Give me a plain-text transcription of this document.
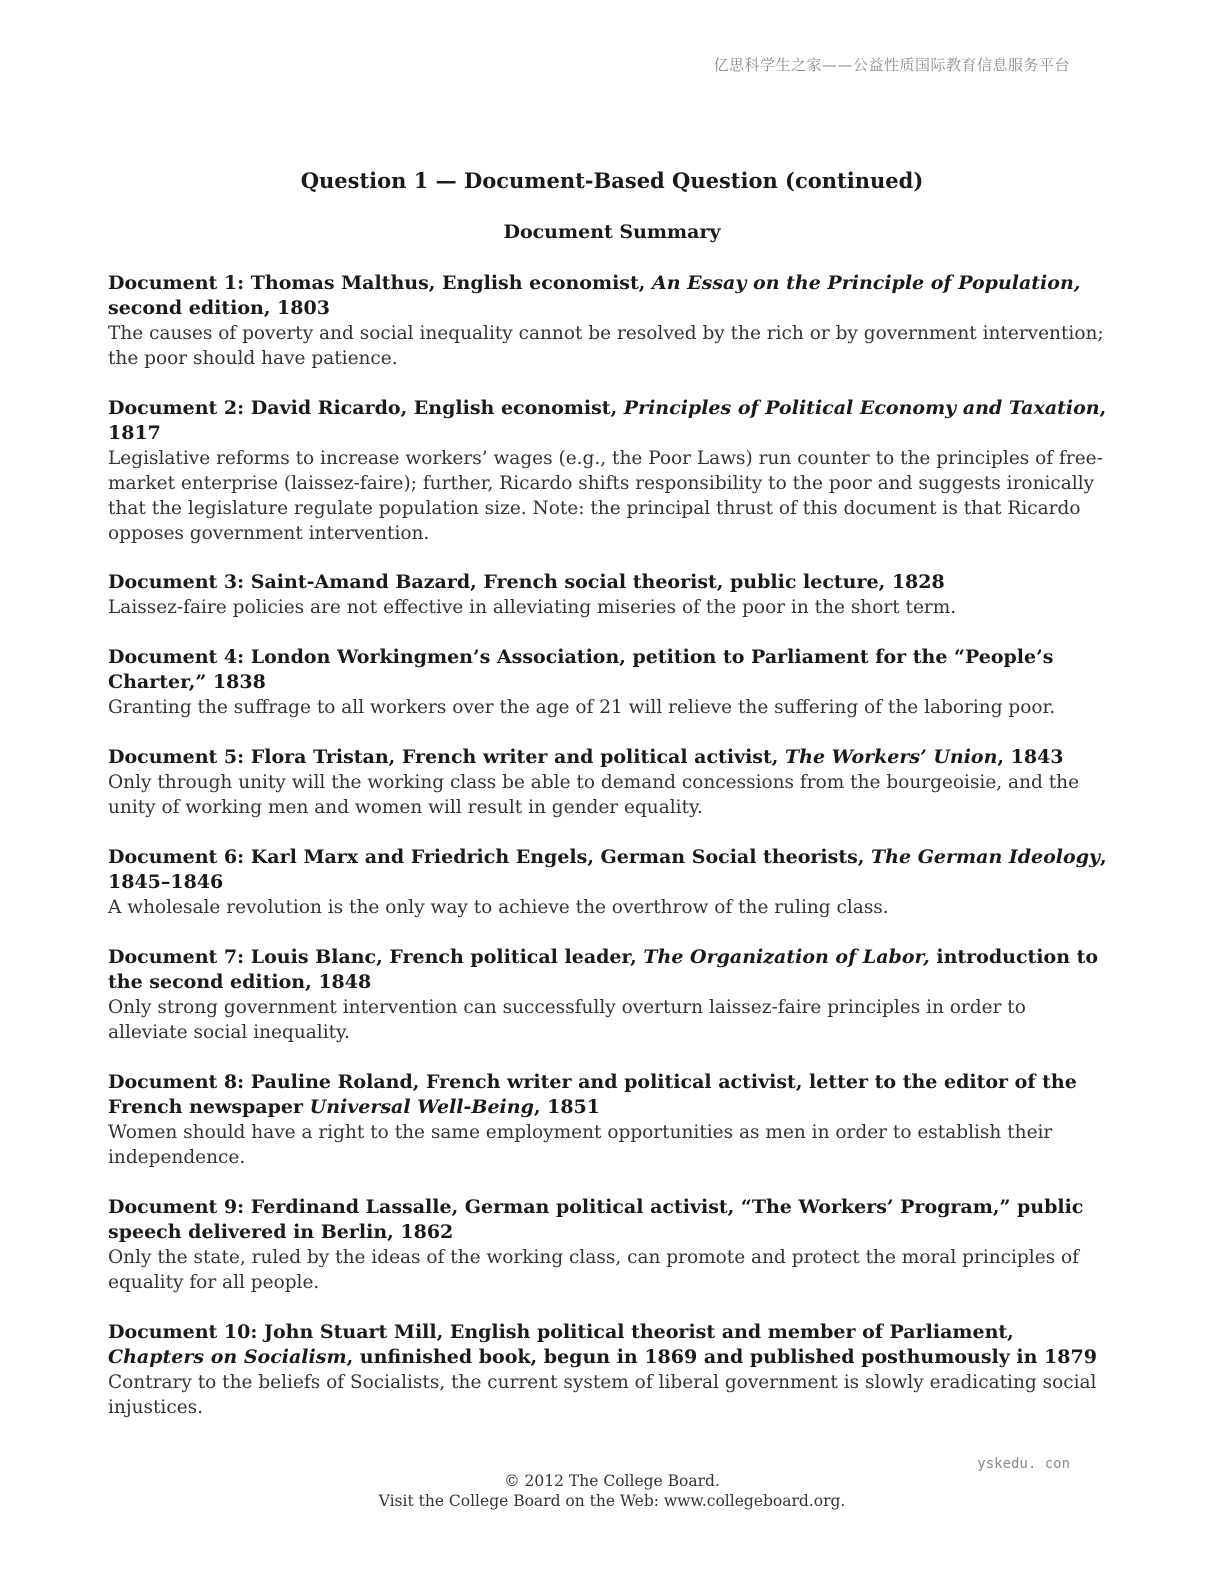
亿思科学生之家——公益性质国际教育信息服务平台
Question 1 — Document-Based Question (continued)
Document Summary

Document 1: Thomas Malthus, English economist, An Essay on the Principle of Population, second edition, 1803

The causes of poverty and social inequality cannot be resolved by the rich or by government intervention; the poor should have patience.

Document 2: David Ricardo, English economist, Principles of Political Economy and Taxation, 1817

Legislative reforms to increase workers’ wages (e.g., the Poor Laws) run counter to the principles of free-market enterprise (laissez-faire); further, Ricardo shifts responsibility to the poor and suggests ironically that the legislature regulate population size. Note: the principal thrust of this document is that Ricardo opposes government intervention.

Document 3: Saint-Amand Bazard, French social theorist, public lecture, 1828

Laissez-faire policies are not effective in alleviating miseries of the poor in the short term.

Document 4: London Workingmen’s Association, petition to Parliament for the “People’s Charter,” 1838

Granting the suffrage to all workers over the age of 21 will relieve the suffering of the laboring poor.

Document 5: Flora Tristan, French writer and political activist, The Workers’ Union, 1843

Only through unity will the working class be able to demand concessions from the bourgeoisie, and the unity of working men and women will result in gender equality.

Document 6: Karl Marx and Friedrich Engels, German Social theorists, The German Ideology, 1845–1846

A wholesale revolution is the only way to achieve the overthrow of the ruling class.

Document 7: Louis Blanc, French political leader, The Organization of Labor, introduction to the second edition, 1848

Only strong government intervention can successfully overturn laissez-faire principles in order to alleviate social inequality.

Document 8: Pauline Roland, French writer and political activist, letter to the editor of the French newspaper Universal Well-Being, 1851

Women should have a right to the same employment opportunities as men in order to establish their independence.

Document 9: Ferdinand Lassalle, German political activist, “The Workers’ Program,” public speech delivered in Berlin, 1862

Only the state, ruled by the ideas of the working class, can promote and protect the moral principles of equality for all people.

Document 10: John Stuart Mill, English political theorist and member of Parliament, Chapters on Socialism, unfinished book, begun in 1869 and published posthumously in 1879

Contrary to the beliefs of Socialists, the current system of liberal government is slowly eradicating social injustices.

yskedu. con
© 2012 The College Board.
Visit the College Board on the Web: www.collegeboard.org.
